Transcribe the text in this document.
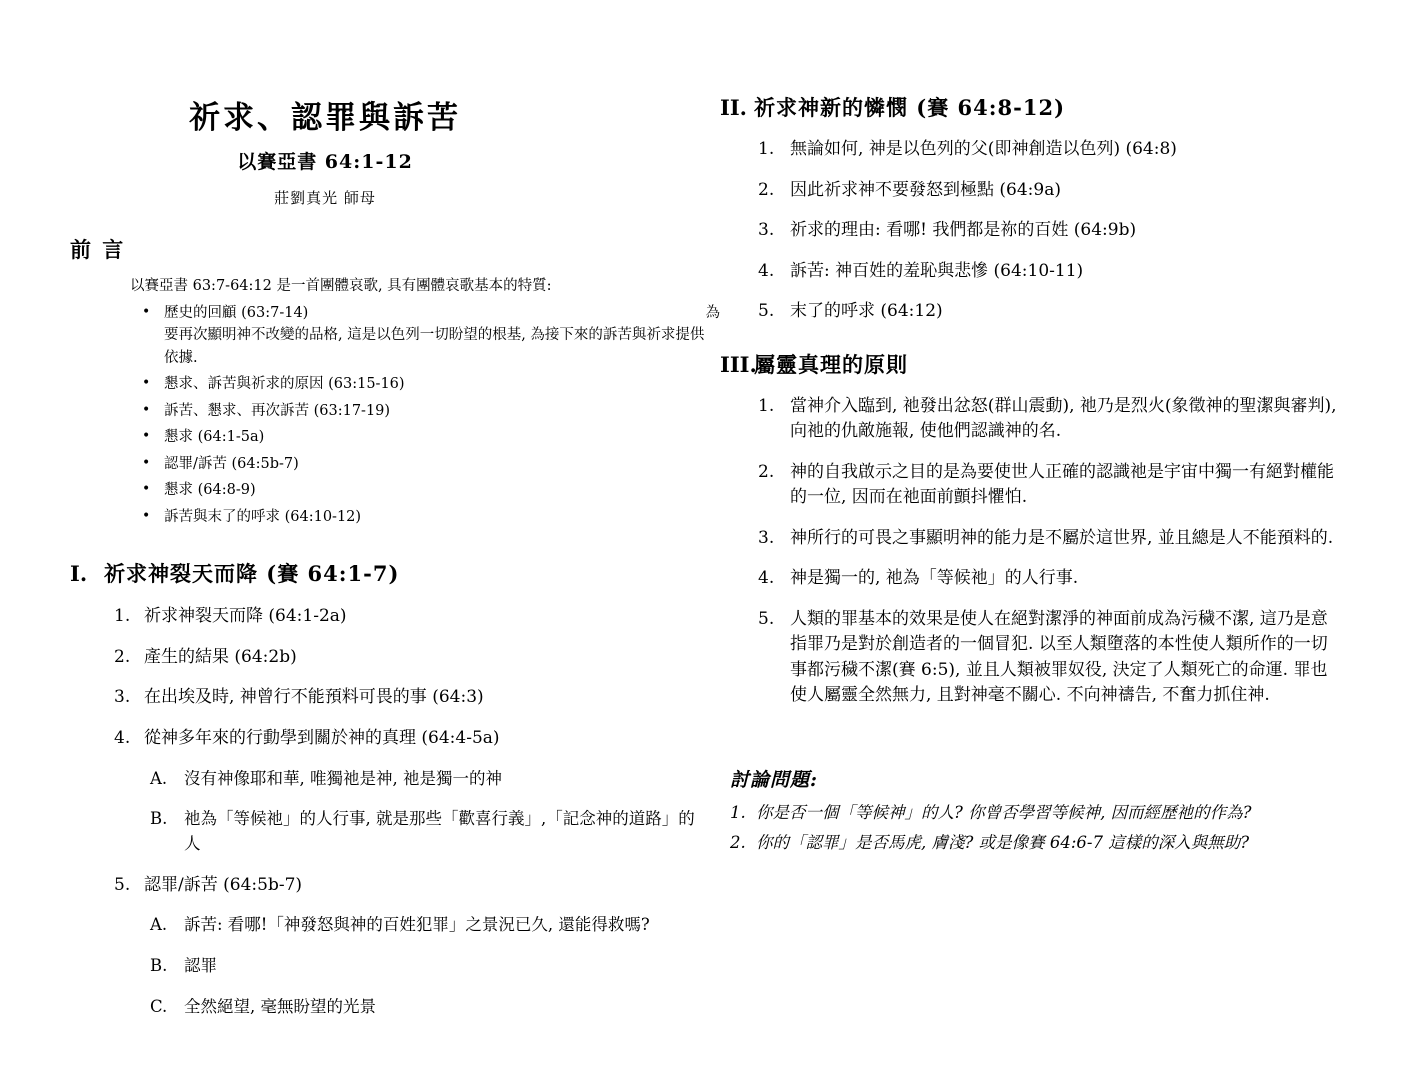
祈求、認罪與訴苦
以賽亞書 64:1-12
莊劉真光 師母
前 言
以賽亞書 63:7-64:12 是一首團體哀歌, 具有團體哀歌基本的特質:
• 歷史的回顧 (63:7-14)	為
要再次顯明神不改變的品格, 這是以色列一切盼望的根基, 為接下來的訴苦與祈求提供依據.
• 懇求、訴苦與祈求的原因 (63:15-16)
• 訴苦、懇求、再次訴苦 (63:17-19)
• 懇求 (64:1-5a)
• 認罪/訴苦 (64:5b-7)
• 懇求 (64:8-9)
• 訴苦與末了的呼求 (64:10-12)
I. 祈求神裂天而降 (賽 64:1-7)
1. 祈求神裂天而降 (64:1-2a)
2. 產生的結果 (64:2b)
3. 在出埃及時, 神曾行不能預料可畏的事 (64:3)
4. 從神多年來的行動學到關於神的真理 (64:4-5a)
A. 沒有神像耶和華, 唯獨祂是神, 祂是獨一的神
B. 祂為「等候祂」的人行事, 就是那些「歡喜行義」,「記念神的道路」的人
5. 認罪/訴苦 (64:5b-7)
A. 訴苦: 看哪!「神發怒與神的百姓犯罪」之景況已久, 還能得救嗎?
B. 認罪
C. 全然絕望, 毫無盼望的光景
II. 祈求神新的憐憫 (賽 64:8-12)
1. 無論如何, 神是以色列的父(即神創造以色列) (64:8)
2. 因此祈求神不要發怒到極點 (64:9a)
3. 祈求的理由: 看哪! 我們都是祢的百姓 (64:9b)
4. 訴苦: 神百姓的羞恥與悲慘 (64:10-11)
5. 末了的呼求 (64:12)
III.
屬靈真理的原則
1. 當神介入臨到, 祂發出忿怒(群山震動), 祂乃是烈火(象徵神的聖潔與審判), 向祂的仇敵施報, 使他們認識神的名.
2. 神的自我啟示之目的是為要使世人正確的認識祂是宇宙中獨一有絕對權能的一位, 因而在祂面前顫抖懼怕.
3. 神所行的可畏之事顯明神的能力是不屬於這世界, 並且總是人不能預料的.
4. 神是獨一的, 祂為「等候祂」的人行事.
5. 人類的罪基本的效果是使人在絕對潔淨的神面前成為污穢不潔, 這乃是意指罪乃是對於創造者的一個冒犯. 以至人類墮落的本性使人類所作的一切事都污穢不潔(賽 6:5), 並且人類被罪奴役, 決定了人類死亡的命運. 罪也使人屬靈全然無力, 且對神毫不關心. 不向神禱告, 不奮力抓住神.
討論問題:
1. 你是否一個「等候神」的人? 你曾否學習等候神, 因而經歷祂的作為?
2. 你的「認罪」是否馬虎, 膚淺? 或是像賽 64:6-7 這樣的深入與無助?
